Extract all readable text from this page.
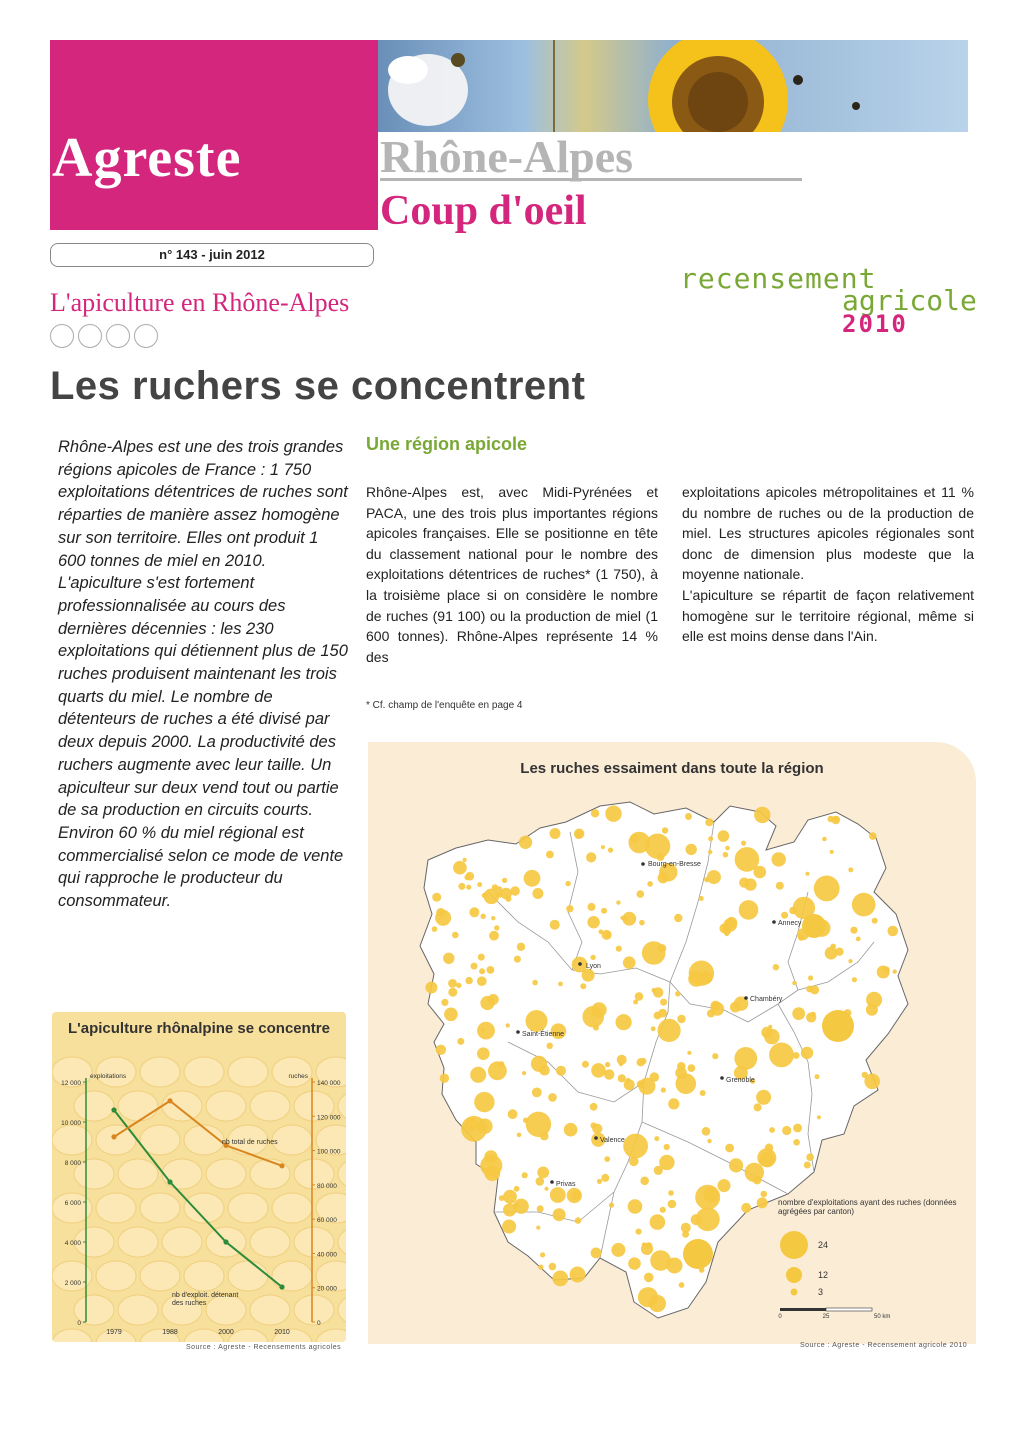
Agreste	Rhône-Alpes
Coup d'oeil
n° 143 - juin 2012
L'apiculture en Rhône-Alpes
recensement
agricole
2010
Les ruchers se concentrent
Rhône-Alpes est une des trois grandes régions apicoles de France : 1 750 exploitations détentrices de ruches sont réparties de manière assez homogène sur son territoire. Elles ont produit 1 600 tonnes de miel en 2010. L'apiculture s'est fortement professionnalisée au cours des dernières décennies : les 230 exploitations qui détiennent plus de 150 ruches produisent maintenant les trois quarts du miel. Le nombre de détenteurs de ruches a été divisé par deux depuis 2000. La productivité des ruchers augmente avec leur taille. Un apiculteur sur deux vend tout ou partie de sa production en circuits courts. Environ 60 % du miel régional est commercialisé selon ce mode de vente qui rapproche le producteur du consommateur.
Une région apicole
Rhône-Alpes est, avec Midi-Pyrénées et PACA, une des trois plus importantes régions apicoles françaises. Elle se positionne en tête du classement national pour le nombre des exploitations détentrices de ruches* (1 750), à la troisième place si on considère le nombre de ruches (91 100) ou la production de miel (1 600 tonnes). Rhône-Alpes représente 14 % des
exploitations apicoles métropolitaines et 11 % du nombre de ruches ou de la production de miel. Les structures apicoles régionales sont donc de dimension plus modeste que la moyenne nationale.
L'apiculture se répartit de façon relativement homogène sur le territoire régional, même si elle est moins dense dans l'Ain.
* Cf. champ de l'enquête en page 4
0
2 000
4 000
6 000
8 000
10 000
12 000
0
20 000
40 000
60 000
80 000
100 000
120 000
140 000
exploitations	ruches
1979	1988	2000	2010
nb d'exploit. détenant
des ruches
nb total de ruches
L'apiculture rhônalpine se concentre
Source : Agreste - Recensements agricoles
Bourg-en-Bresse
Annecy
Lyon
Chambéry
Saint-Étienne
Grenoble
Valence
Privas
nombre d'exploitations ayant des ruches (données agrégées par canton)
24
12
3
0	25	50 km
Les ruches essaiment dans toute la région
Source : Agreste - Recensement agricole 2010
